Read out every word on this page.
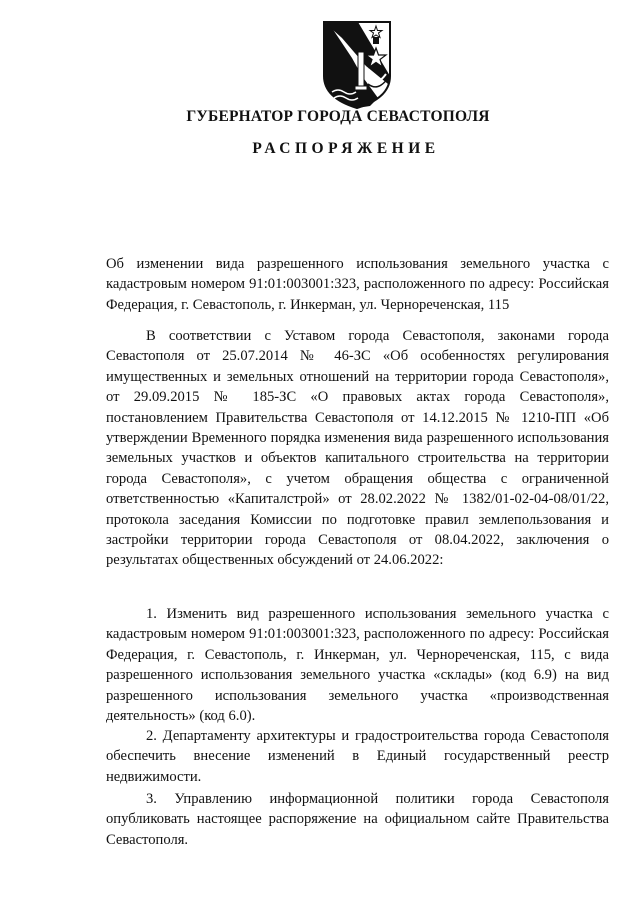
ГУБЕРНАТОР ГОРОДА СЕВАСТОПОЛЯ
РАСПОРЯЖЕНИЕ
Об изменении вида разрешенного использования земельного участка с кадастровым номером 91:01:003001:323, расположенного по адресу: Российская Федерация, г. Севастополь, г. Инкерман, ул. Чернореченская, 115
В соответствии с Уставом города Севастополя, законами города Севастополя от 25.07.2014 № 46-ЗС «Об особенностях регулирования имущественных и земельных отношений на территории города Севастополя», от 29.09.2015 № 185-ЗС «О правовых актах города Севастополя», постановлением Правительства Севастополя от 14.12.2015 № 1210-ПП «Об утверждении Временного порядка изменения вида разрешенного использования земельных участков и объектов капитального строительства на территории города Севастополя», с учетом обращения общества с ограниченной ответственностью «Капиталстрой» от 28.02.2022 № 1382/01-02-04-08/01/22, протокола заседания Комиссии по подготовке правил землепользования и застройки территории города Севастополя от 08.04.2022, заключения о результатах общественных обсуждений от 24.06.2022:
1. Изменить вид разрешенного использования земельного участка с кадастровым номером 91:01:003001:323, расположенного по адресу: Российская Федерация, г. Севастополь, г. Инкерман, ул. Чернореченская, 115, с вида разрешенного использования земельного участка «склады» (код 6.9) на вид разрешенного использования земельного участка «производственная деятельность» (код 6.0).
2. Департаменту архитектуры и градостроительства города Севастополя обеспечить внесение изменений в Единый государственный реестр недвижимости.
3. Управлению информационной политики города Севастополя опубликовать настоящее распоряжение на официальном сайте Правительства Севастополя.
